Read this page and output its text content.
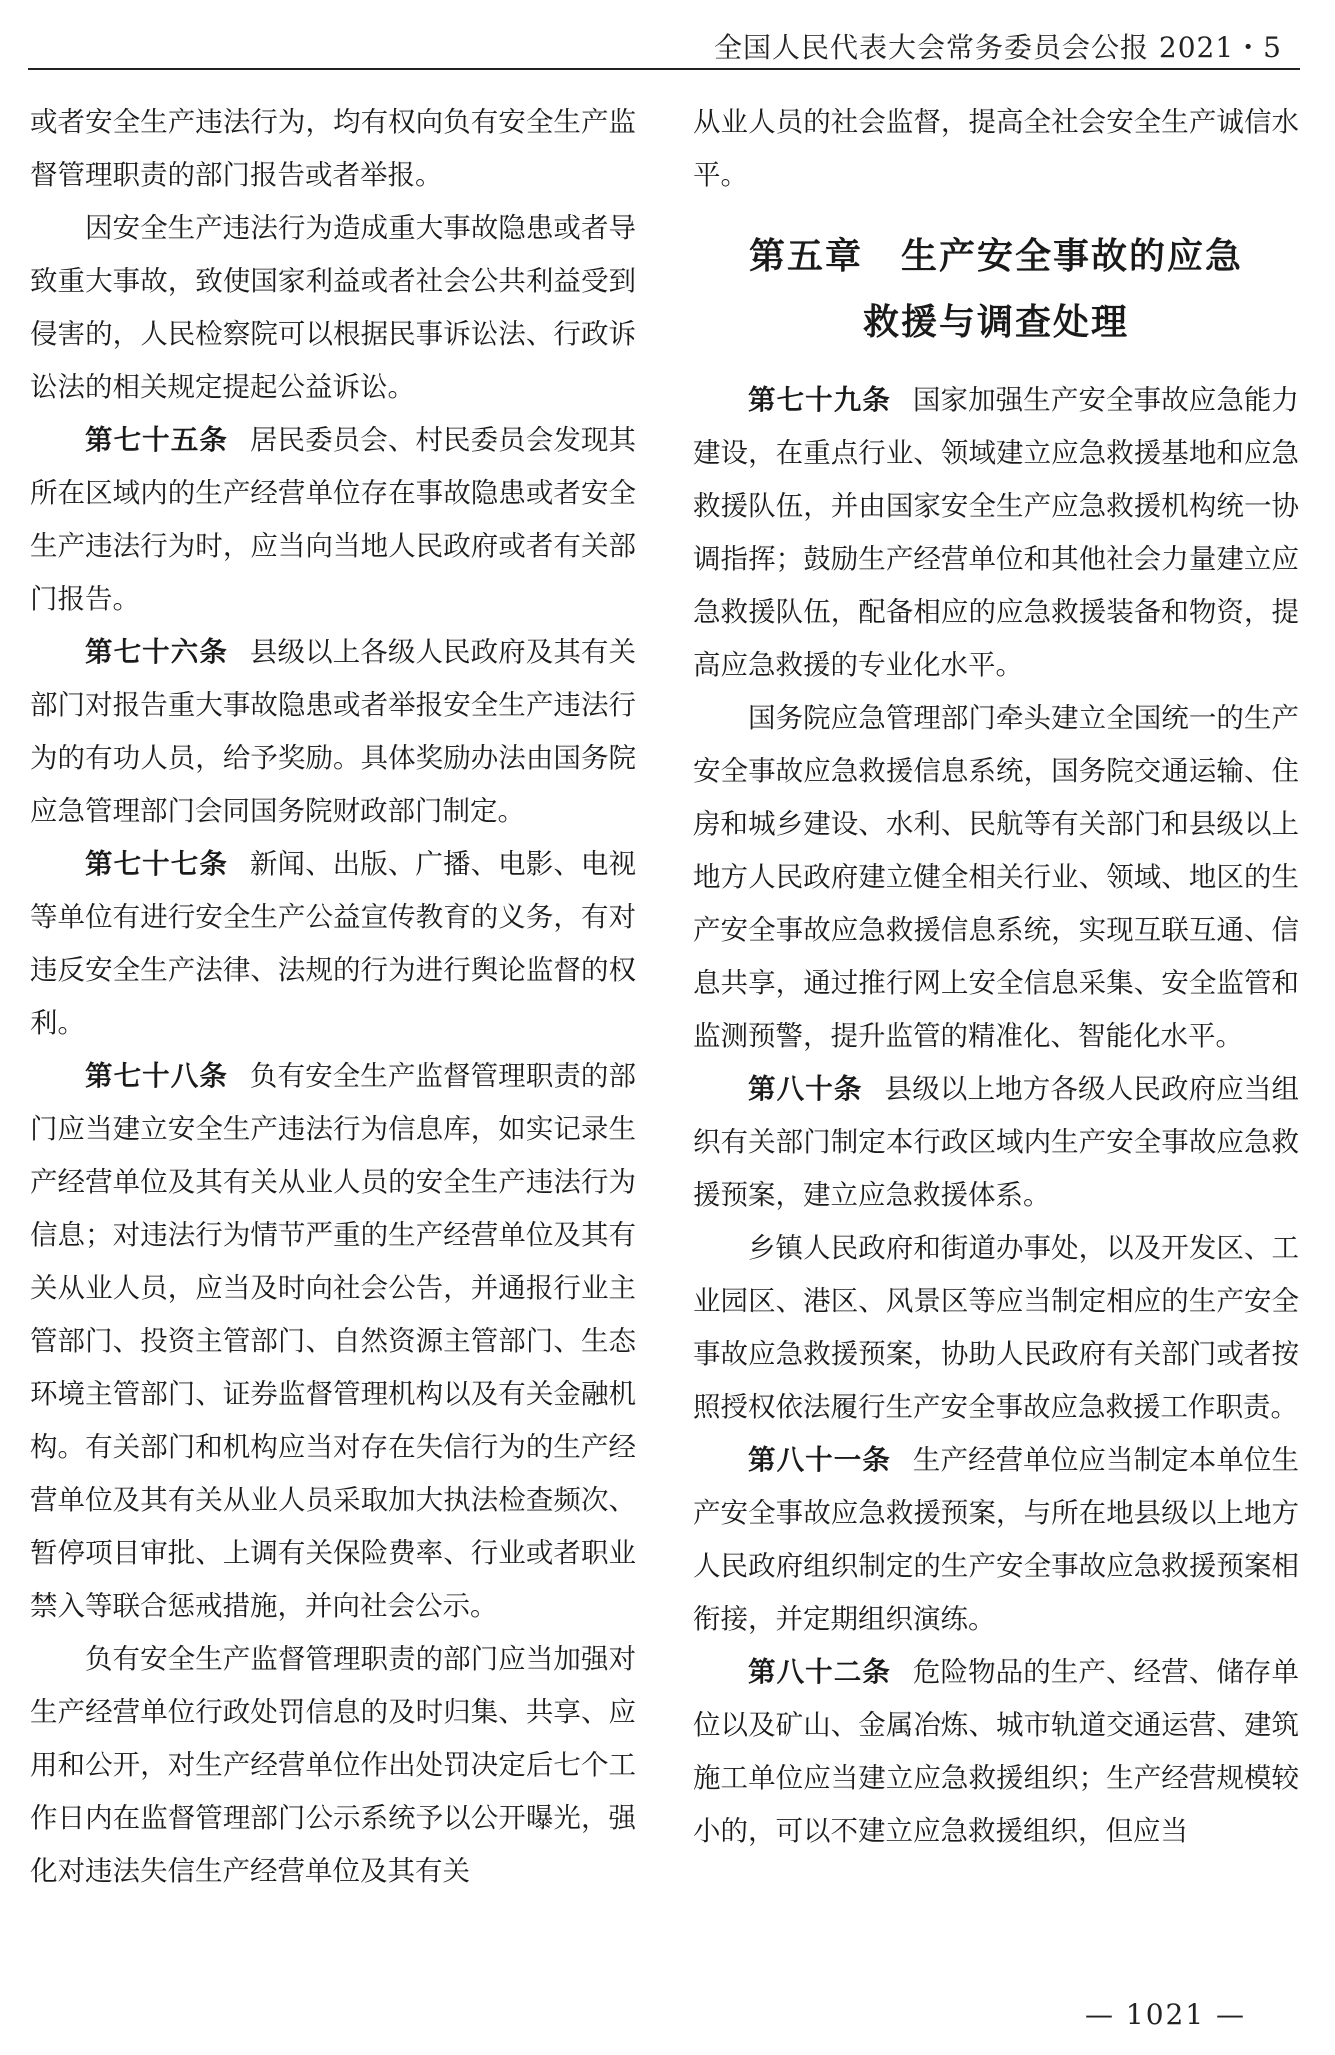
全国人民代表大会常务委员会公报 2021・5

或者安全生产违法行为，均有权向负有安全生产监督管理职责的部门报告或者举报。

因安全生产违法行为造成重大事故隐患或者导致重大事故，致使国家利益或者社会公共利益受到侵害的，人民检察院可以根据民事诉讼法、行政诉讼法的相关规定提起公益诉讼。

第七十五条 居民委员会、村民委员会发现其所在区域内的生产经营单位存在事故隐患或者安全生产违法行为时，应当向当地人民政府或者有关部门报告。

第七十六条 县级以上各级人民政府及其有关部门对报告重大事故隐患或者举报安全生产违法行为的有功人员，给予奖励。具体奖励办法由国务院应急管理部门会同国务院财政部门制定。

第七十七条 新闻、出版、广播、电影、电视等单位有进行安全生产公益宣传教育的义务，有对违反安全生产法律、法规的行为进行舆论监督的权利。

第七十八条 负有安全生产监督管理职责的部门应当建立安全生产违法行为信息库，如实记录生产经营单位及其有关从业人员的安全生产违法行为信息；对违法行为情节严重的生产经营单位及其有关从业人员，应当及时向社会公告，并通报行业主管部门、投资主管部门、自然资源主管部门、生态环境主管部门、证券监督管理机构以及有关金融机构。有关部门和机构应当对存在失信行为的生产经营单位及其有关从业人员采取加大执法检查频次、暂停项目审批、上调有关保险费率、行业或者职业禁入等联合惩戒措施，并向社会公示。

负有安全生产监督管理职责的部门应当加强对生产经营单位行政处罚信息的及时归集、共享、应用和公开，对生产经营单位作出处罚决定后七个工作日内在监督管理部门公示系统予以公开曝光，强化对违法失信生产经营单位及其有关

从业人员的社会监督，提高全社会安全生产诚信水平。

第五章　生产安全事故的应急
救援与调查处理

第七十九条 国家加强生产安全事故应急能力建设，在重点行业、领域建立应急救援基地和应急救援队伍，并由国家安全生产应急救援机构统一协调指挥；鼓励生产经营单位和其他社会力量建立应急救援队伍，配备相应的应急救援装备和物资，提高应急救援的专业化水平。

国务院应急管理部门牵头建立全国统一的生产安全事故应急救援信息系统，国务院交通运输、住房和城乡建设、水利、民航等有关部门和县级以上地方人民政府建立健全相关行业、领域、地区的生产安全事故应急救援信息系统，实现互联互通、信息共享，通过推行网上安全信息采集、安全监管和监测预警，提升监管的精准化、智能化水平。

第八十条 县级以上地方各级人民政府应当组织有关部门制定本行政区域内生产安全事故应急救援预案，建立应急救援体系。

乡镇人民政府和街道办事处，以及开发区、工业园区、港区、风景区等应当制定相应的生产安全事故应急救援预案，协助人民政府有关部门或者按照授权依法履行生产安全事故应急救援工作职责。

第八十一条 生产经营单位应当制定本单位生产安全事故应急救援预案，与所在地县级以上地方人民政府组织制定的生产安全事故应急救援预案相衔接，并定期组织演练。

第八十二条 危险物品的生产、经营、储存单位以及矿山、金属冶炼、城市轨道交通运营、建筑施工单位应当建立应急救援组织；生产经营规模较小的，可以不建立应急救援组织，但应当

— 1021 —
